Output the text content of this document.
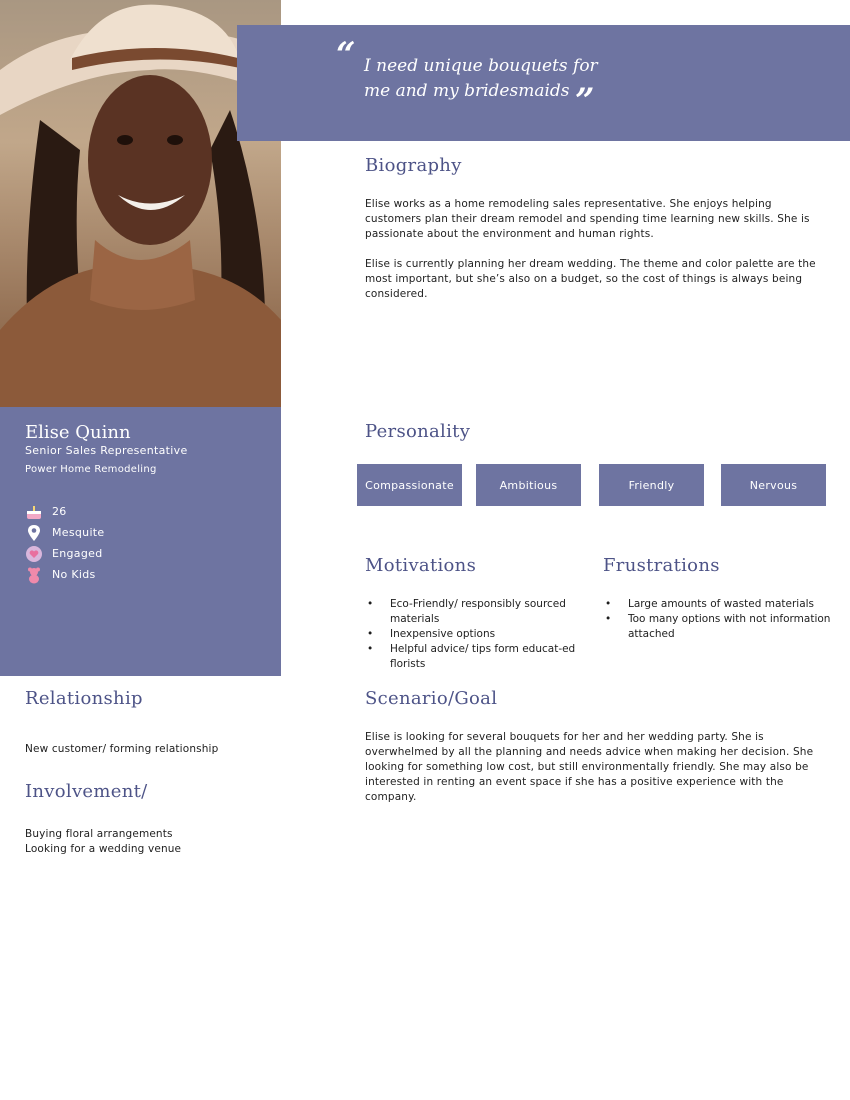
Elise Quinn
Senior Sales Representative
Power Home Remodeling
26
Mesquite
Engaged
No Kids
“ I need unique bouquets for me and my bridesmaids ”
Biography

Elise works as a home remodeling sales representative. She enjoys helping customers plan their dream remodel and spending time learning new skills. She is passionate about the environment and human rights.

Elise is currently planning her dream wedding. The theme and color palette are the most important, but she’s also on a budget, so the cost of things is always being considered.

Personality
Compassionate	Ambitious	Friendly	Nervous
Motivations
• Eco-Friendly/ responsibly sourced materials
• Inexpensive options
• Helpful advice/ tips form educat-ed florists
Frustrations
• Large amounts of wasted materials
• Too many options with not information attached
Relationship
New customer/ forming relationship
Involvement/
Buying floral arrangements
Looking for a wedding venue
Scenario/Goal
Elise is looking for several bouquets for her and her wedding party. She is overwhelmed by all the planning and needs advice when making her decision. She looking for something low cost, but still environmentally friendly. She may also be interested in renting an event space if she has a positive experience with the company.
